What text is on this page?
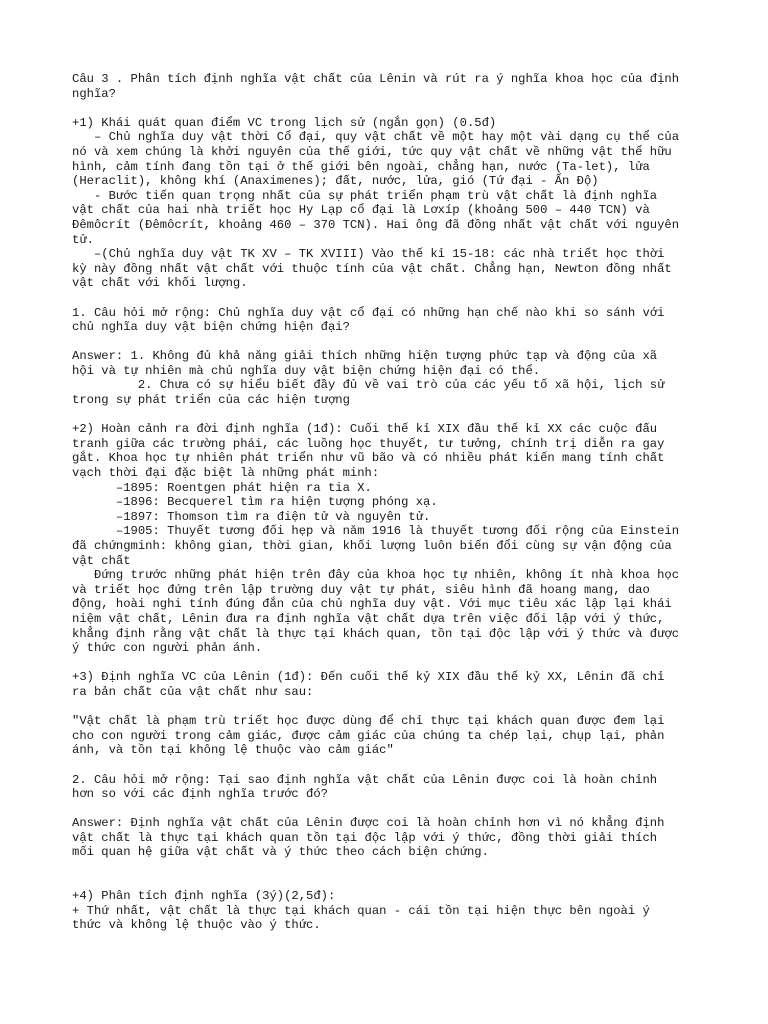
Câu 3 . Phân tích định nghĩa vật chất của Lênin và rút ra ý nghĩa khoa học của định
nghĩa?
+1) Khái quát quan điểm VC trong lịch sử (ngắn gọn) (0.5đ)
– Chủ nghĩa duy vật thời Cổ đại, quy vật chất về một hay một vài dạng cụ thể của
nó và xem chúng là khởi nguyên của thế giới, tức quy vật chất về những vật thể hữu
hình, cảm tính đang tồn tại ở thế giới bên ngoài, chẳng hạn, nước (Ta-let), lửa
(Heraclit), không khí (Anaximenes); đất, nước, lửa, gió (Tứ đại - Ấn Độ)
- Bước tiến quan trọng nhất của sự phát triển phạm trù vật chất là định nghĩa
vật chất của hai nhà triết học Hy Lạp cổ đại là Lơxíp (khoảng 500 – 440 TCN) và
Đêmôcrít (Đêmôcrít, khoảng 460 – 370 TCN). Hai ông đã đồng nhất vật chất với nguyên
tử.
–(Chủ nghĩa duy vật TK XV – TK XVIII) Vào thế kỉ 15-18: các nhà triết học thời
kỳ này đồng nhất vật chất với thuộc tính của vật chất. Chẳng hạn, Newton đồng nhất
vật chất với khối lượng.
1. Câu hỏi mở rộng: Chủ nghĩa duy vật cổ đại có những hạn chế nào khi so sánh với
chủ nghĩa duy vật biện chứng hiện đại?
Answer: 1. Không đủ khả năng giải thích những hiện tượng phức tạp và động của xã
hội và tự nhiên mà chủ nghĩa duy vật biện chứng hiện đại có thể.
2. Chưa có sự hiểu biết đầy đủ về vai trò của các yếu tố xã hội, lịch sử
trong sự phát triển của các hiện tượng
+2) Hoàn cảnh ra đời định nghĩa (1đ): Cuối thế kỉ XIX đầu thế kỉ XX các cuộc đấu
tranh giữa các trường phái, các luồng học thuyết, tư tưởng, chính trị diễn ra gay
gắt. Khoa học tự nhiên phát triển như vũ bão và có nhiều phát kiến mang tính chất
vạch thời đại đặc biệt là những phát minh:
–1895: Roentgen phát hiện ra tia X.
–1896: Becquerel tìm ra hiện tượng phóng xạ.
–1897: Thomson tìm ra điện tử và nguyên tử.
–1905: Thuyết tương đối hẹp và năm 1916 là thuyết tương đối rộng của Einstein
đã chứngminh: không gian, thời gian, khối lượng luôn biến đổi cùng sự vận động của
vật chất
Đứng trước những phát hiện trên đây của khoa học tự nhiên, không ít nhà khoa học
và triết học đứng trên lập trường duy vật tự phát, siêu hình đã hoang mang, dao
động, hoài nghi tính đúng đắn của chủ nghĩa duy vật. Với mục tiêu xác lập lại khái
niệm vật chất, Lênin đưa ra định nghĩa vật chất dựa trên việc đối lập với ý thức,
khẳng định rằng vật chất là thực tại khách quan, tồn tại độc lập với ý thức và được
ý thức con người phản ánh.
+3) Định nghĩa VC của Lênin (1đ): Đến cuối thế kỷ XIX đầu thế kỷ XX, Lênin đã chỉ
ra bản chất của vật chất như sau:
"Vật chất là phạm trù triết học được dùng để chỉ thực tại khách quan được đem lại
cho con người trong cảm giác, được cảm giác của chúng ta chép lại, chụp lại, phản
ánh, và tồn tại không lệ thuộc vào cảm giác"
2. Câu hỏi mở rộng: Tại sao định nghĩa vật chất của Lênin được coi là hoàn chỉnh
hơn so với các định nghĩa trước đó?
Answer: Định nghĩa vật chất của Lênin được coi là hoàn chỉnh hơn vì nó khẳng định
vật chất là thực tại khách quan tồn tại độc lập với ý thức, đồng thời giải thích
mối quan hệ giữa vật chất và ý thức theo cách biện chứng.
+4) Phân tích định nghĩa (3ý)(2,5đ):
+ Thứ nhất, vật chất là thực tại khách quan - cái tồn tại hiện thực bên ngoài ý
thức và không lệ thuộc vào ý thức.
